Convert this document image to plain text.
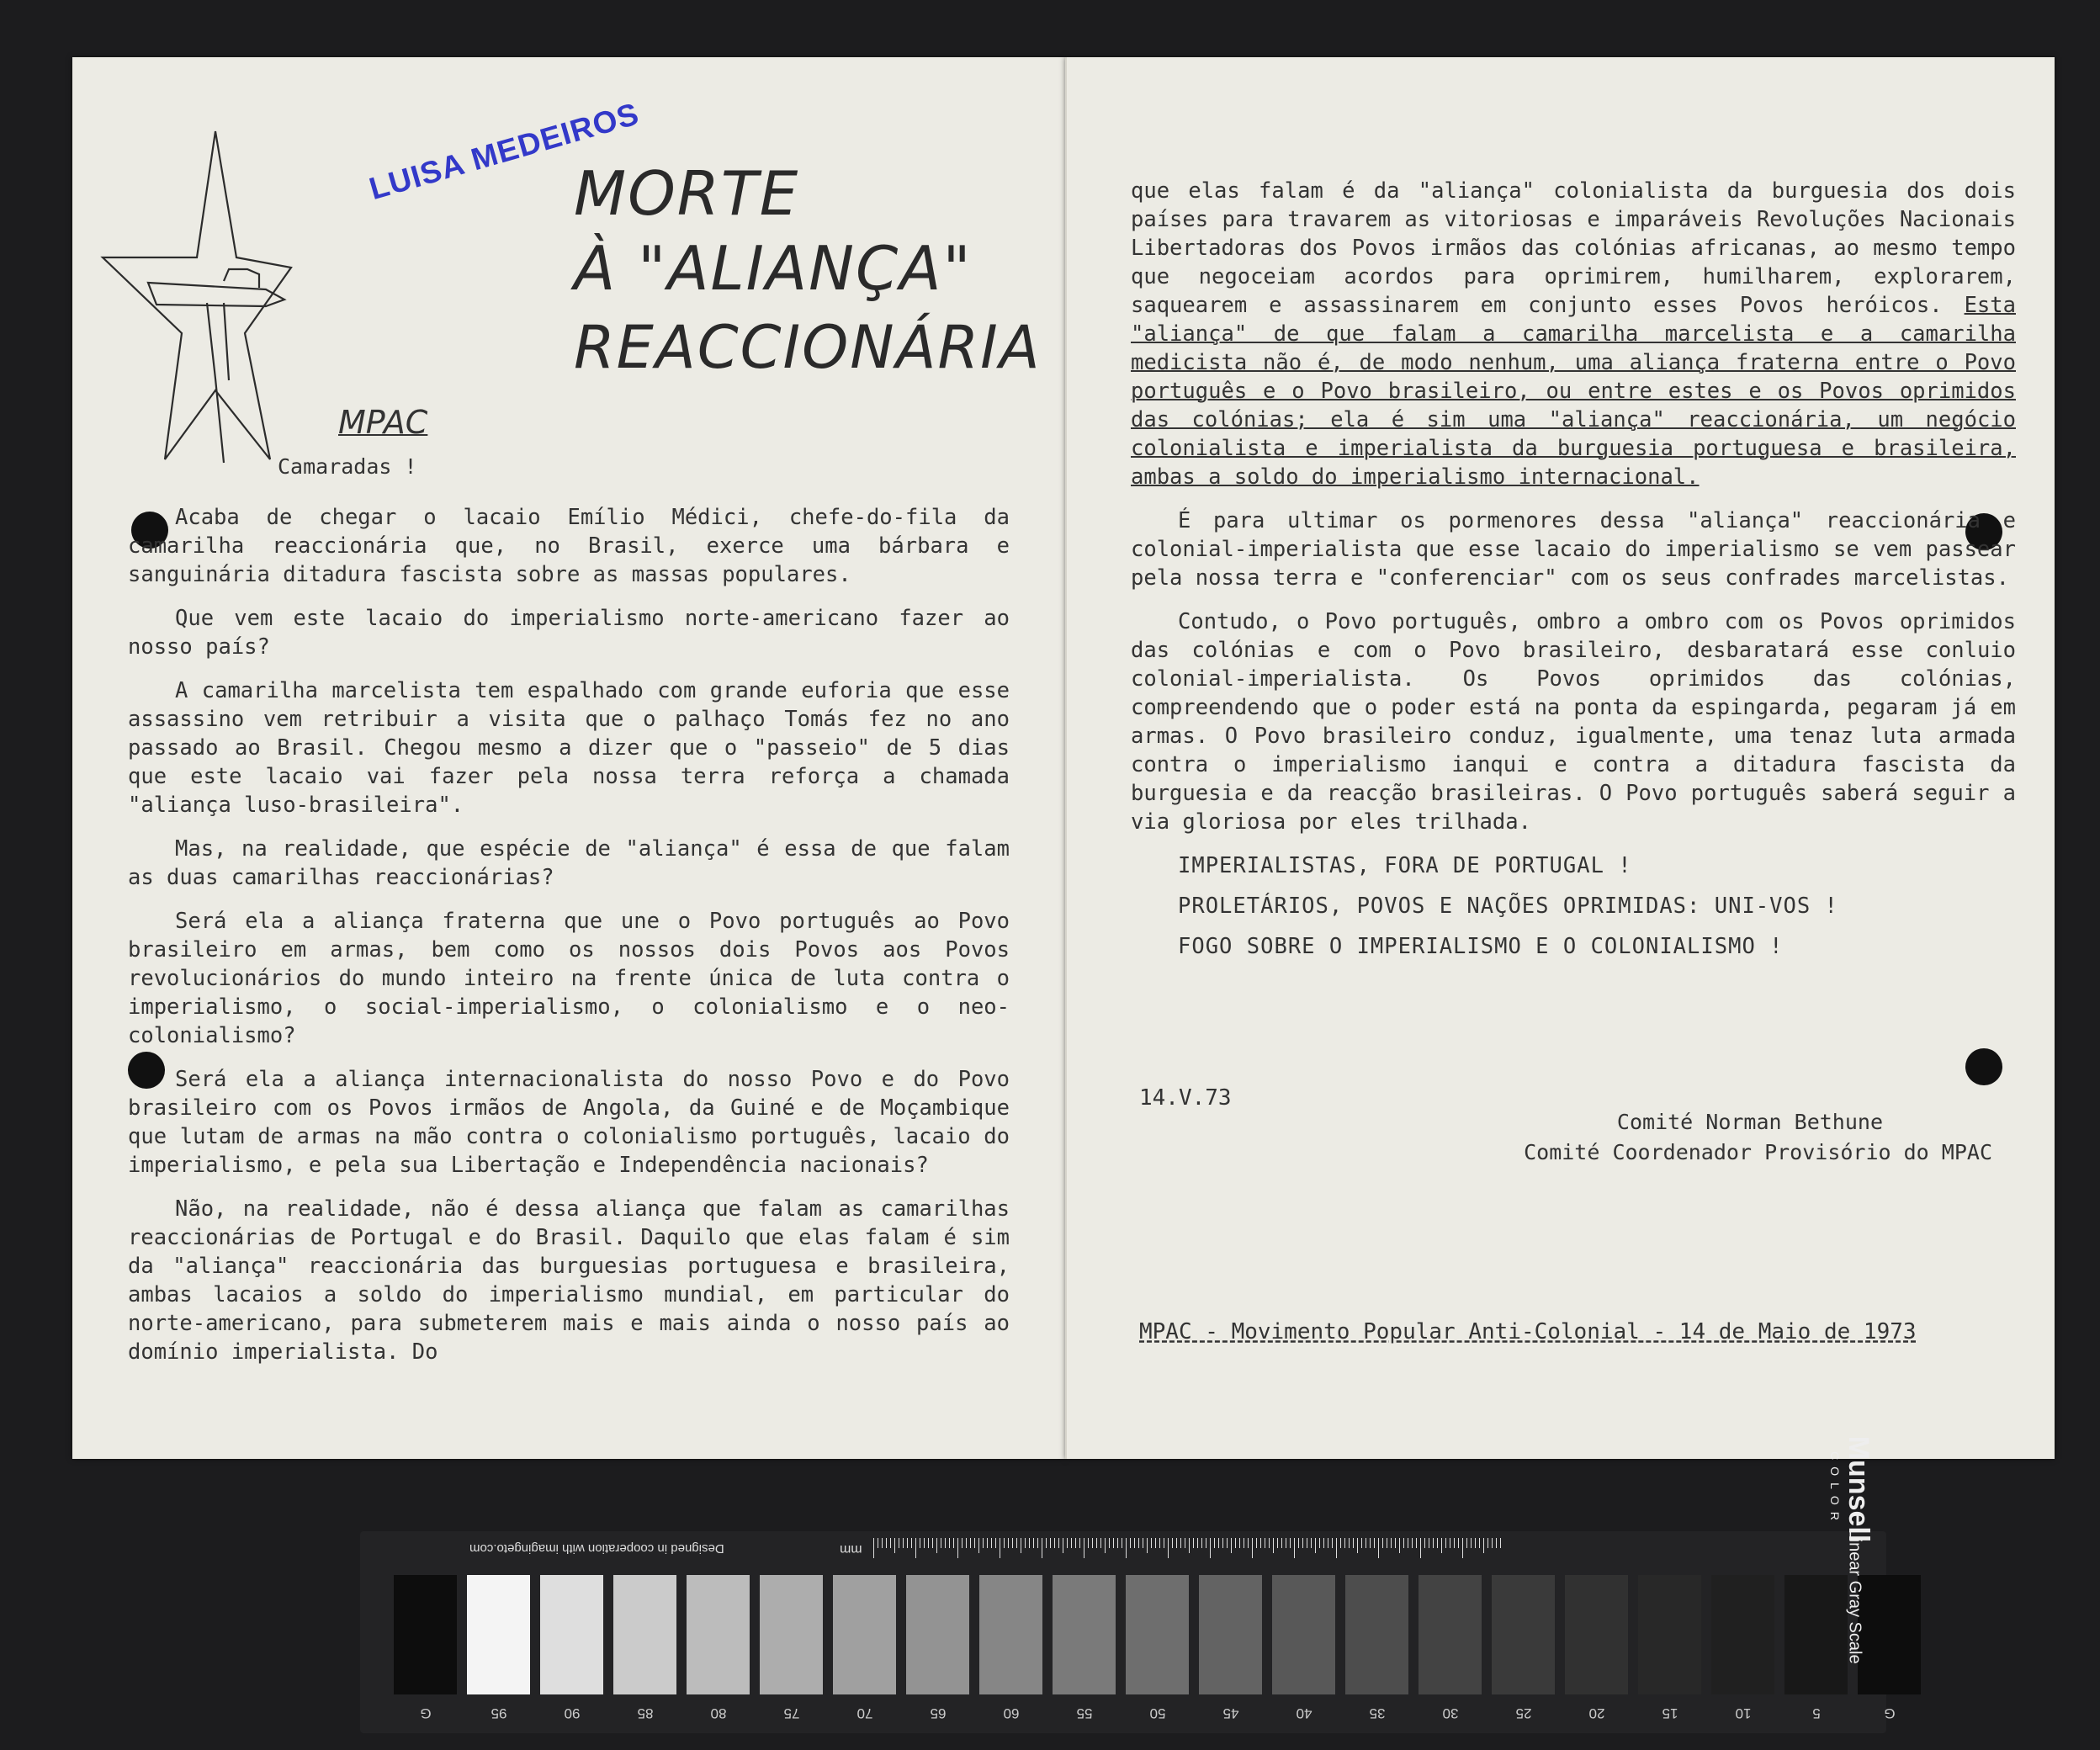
MPAC
LUISA MEDEIROS
MORTE
À "ALIANÇA"
REACCIONÁRIA
Camaradas !

Acaba de chegar o lacaio Emílio Médici, chefe-do-fila da camarilha reaccionária que, no Brasil, exerce uma bárbara e sanguinária ditadura fascista sobre as massas populares.

Que vem este lacaio do imperialismo norte-americano fazer ao nosso país?

A camarilha marcelista tem espalhado com grande euforia que esse assassino vem retribuir a visita que o palhaço Tomás fez no ano passado ao Brasil. Chegou mesmo a dizer que o "passeio" de 5 dias que este lacaio vai fazer pela nossa terra reforça a chamada "aliança luso-brasileira".

Mas, na realidade, que espécie de "aliança" é essa de que falam as duas camarilhas reaccionárias?

Será ela a aliança fraterna que une o Povo português ao Povo brasileiro em armas, bem como os nossos dois Povos aos Povos revolucionários do mundo inteiro na frente única de luta contra o imperialismo, o social-imperialismo, o colonialismo e o neo-colonialismo?

Será ela a aliança internacionalista do nosso Povo e do Povo brasileiro com os Povos irmãos de Angola, da Guiné e de Moçambique que lutam de armas na mão contra o colonialismo português, lacaio do imperialismo, e pela sua Libertação e Independência nacionais?

Não, na realidade, não é dessa aliança que falam as camarilhas reaccionárias de Portugal e do Brasil. Daquilo que elas falam é sim da "aliança" reaccionária das burguesias portuguesa e brasileira, ambas lacaios a soldo do imperialismo mundial, em particular do norte-americano, para submeterem mais e mais ainda o nosso país ao domínio imperialista. Do

que elas falam é da "aliança" colonialista da burguesia dos dois países para travarem as vitoriosas e imparáveis Revoluções Nacionais Libertadoras dos Povos irmãos das colónias africanas, ao mesmo tempo que negoceiam acordos para oprimirem, humilharem, explorarem, saquearem e assassinarem em conjunto esses Povos heróicos. Esta "aliança" de que falam a camarilha marcelista e a camarilha medicista não é, de modo nenhum, uma aliança fraterna entre o Povo português e o Povo brasileiro, ou entre estes e os Povos oprimidos das colónias; ela é sim uma "aliança" reaccionária, um negócio colonialista e imperialista da burguesia portuguesa e brasileira, ambas a soldo do imperialismo internacional.

É para ultimar os pormenores dessa "aliança" reaccionária e colonial-imperialista que esse lacaio do imperialismo se vem passear pela nossa terra e "conferenciar" com os seus confrades marcelistas.

Contudo, o Povo português, ombro a ombro com os Povos oprimidos das colónias e com o Povo brasileiro, desbaratará esse conluio colonial-imperialista. Os Povos oprimidos das colónias, compreendendo que o poder está na ponta da espingarda, pegaram já em armas. O Povo brasileiro conduz, igualmente, uma tenaz luta armada contra o imperialismo ianqui e contra a ditadura fascista da burguesia e da reacção brasileiras. O Povo português saberá seguir a via gloriosa por eles trilhada.

IMPERIALISTAS, FORA DE PORTUGAL !

PROLETÁRIOS, POVOS E NAÇÕES OPRIMIDAS: UNI-VOS !

FOGO SOBRE O IMPERIALISMO E O COLONIALISMO !

14.V.73
Comité Norman Bethune
Comité Coordenador Provisório do MPAC
MPAC - Movimento Popular Anti-Colonial - 14 de Maio de 1973
Designed in cooperation with imagingeto.com	mm
G	95	90	85	80	75	70	65	60	55	50	45	40	35	30	25	20	15	10	5	G
Munsell
COLOR
Linear Gray Scale
